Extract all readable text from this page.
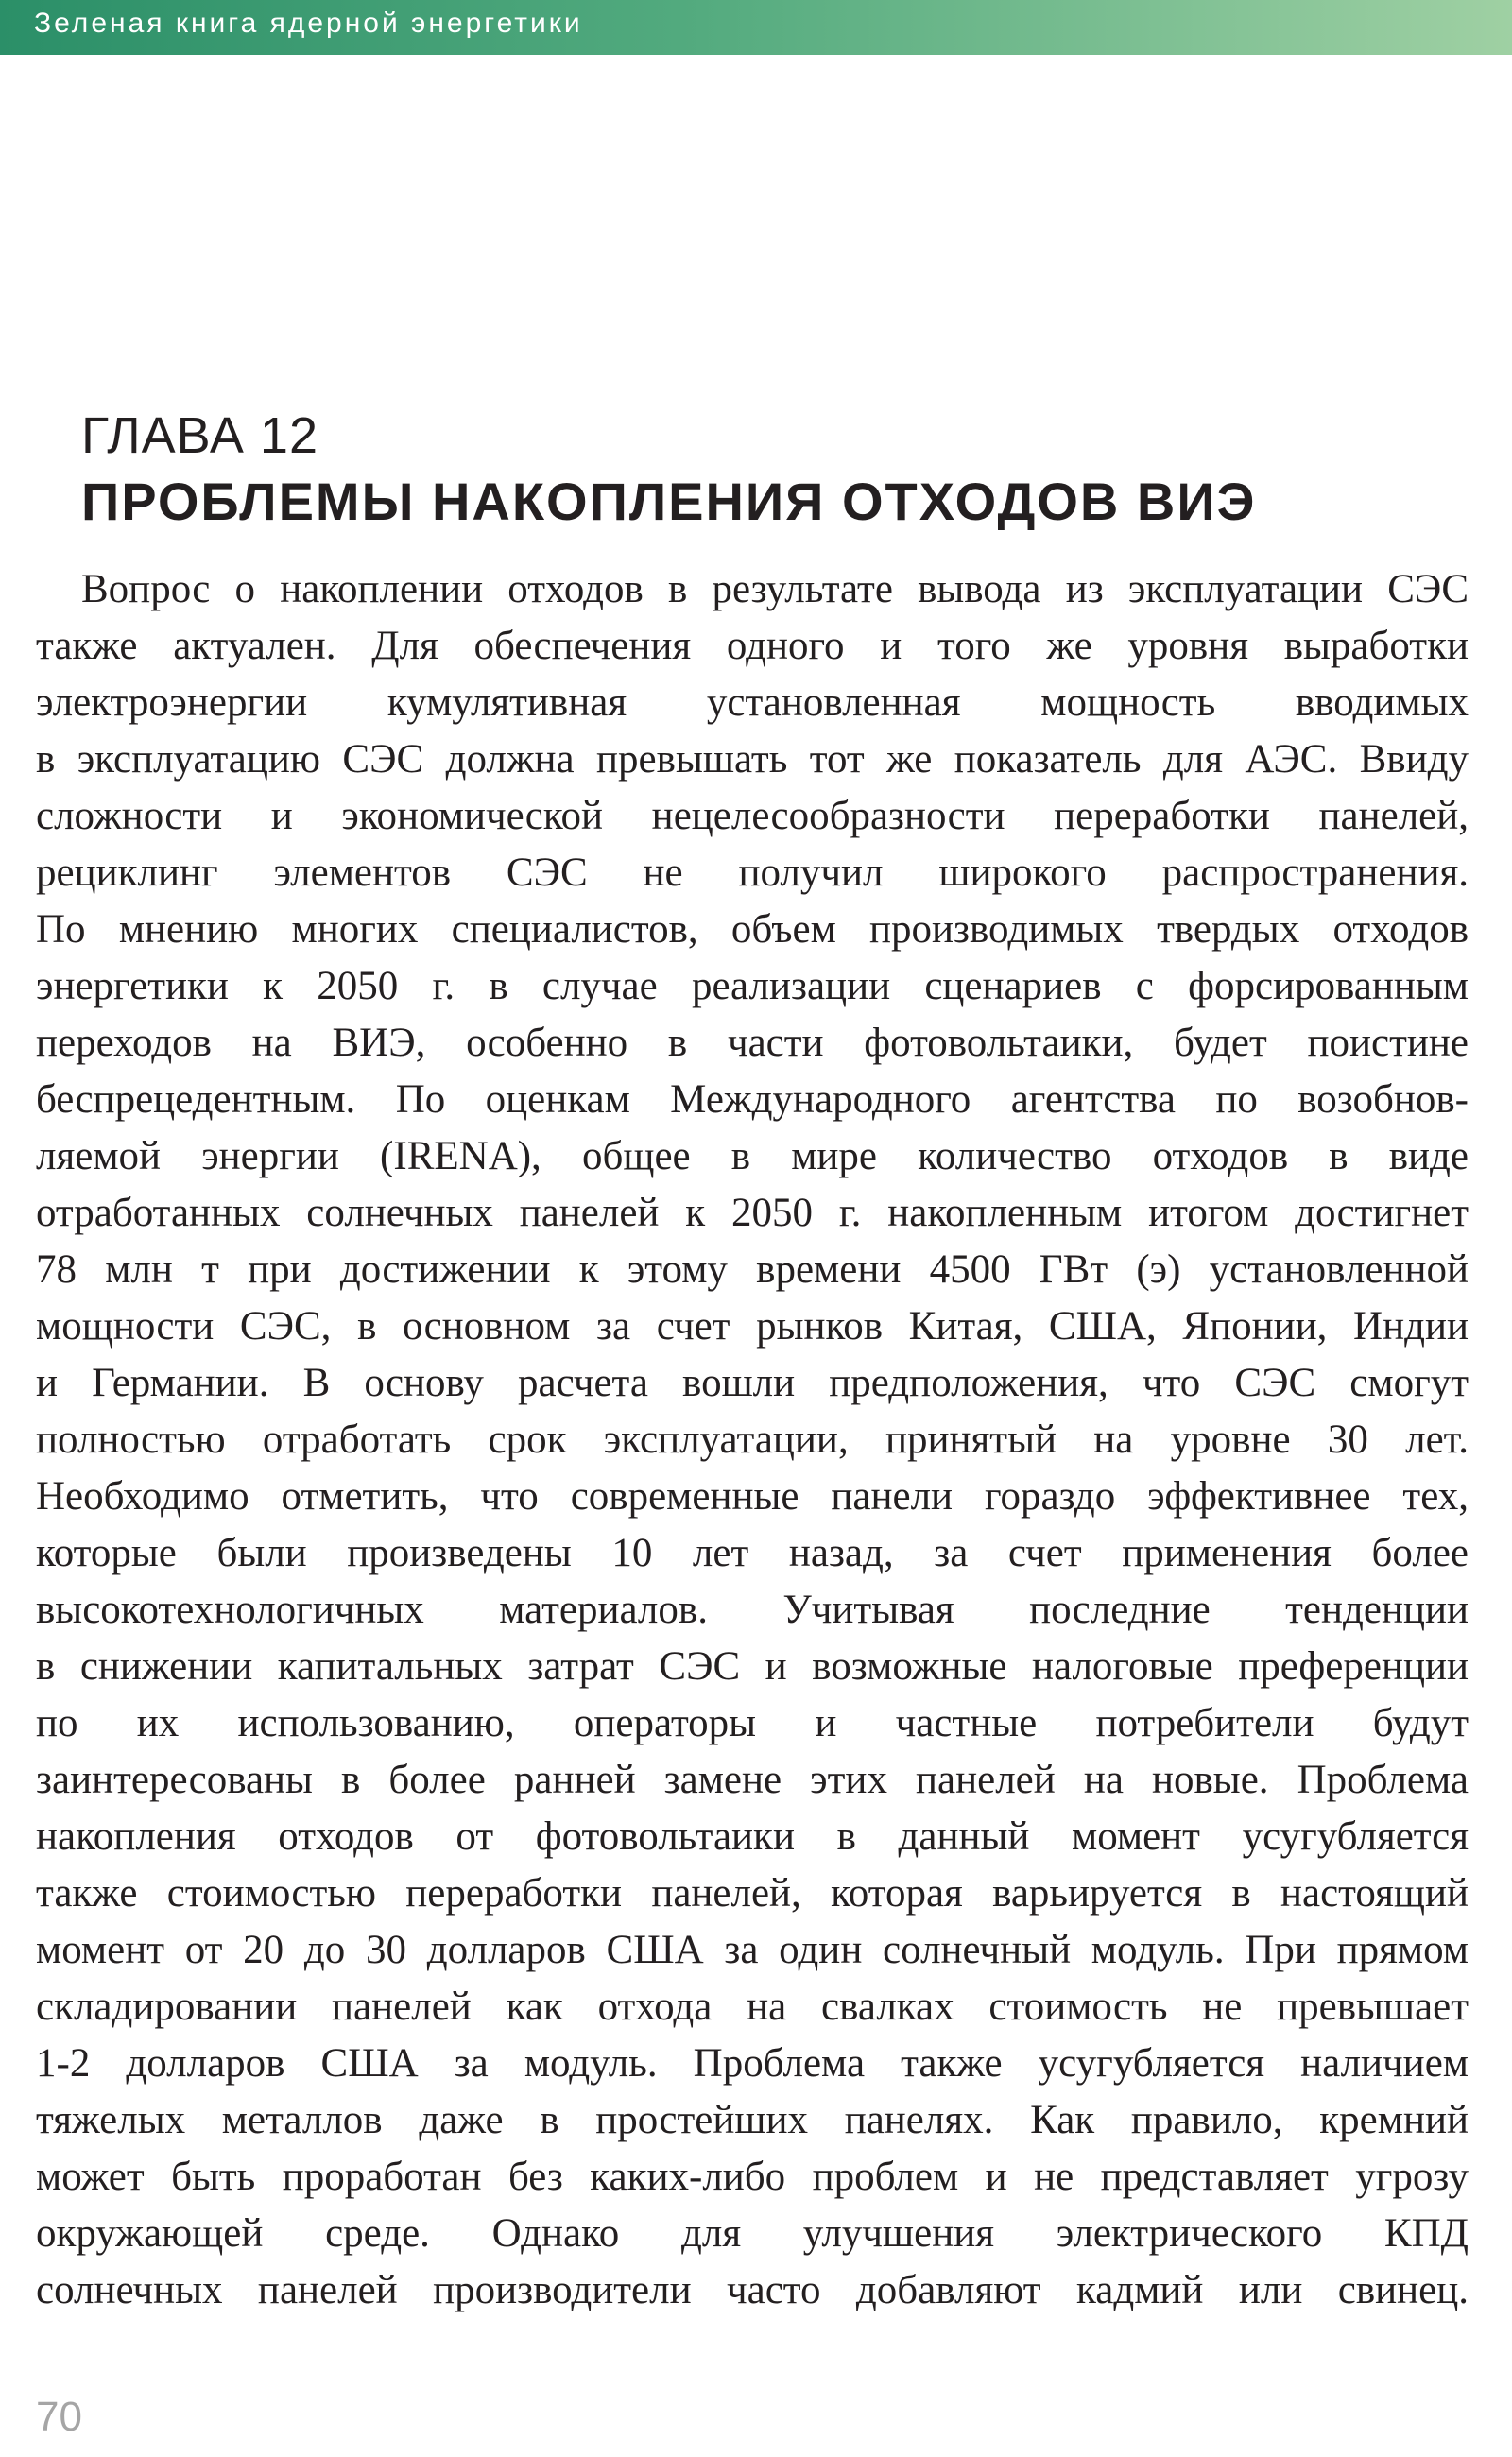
Зеленая книга ядерной энергетики
ГЛАВА 12
ПРОБЛЕМЫ НАКОПЛЕНИЯ ОТХОДОВ ВИЭ
Вопрос о накоплении отходов в результате вывода из эксплуатации СЭС
также актуален. Для обеспечения одного и того же уровня выработки
электроэнергии кумулятивная установленная мощность вводимых
в эксплуатацию СЭС должна превышать тот же показатель для АЭС. Ввиду
сложности и экономической нецелесообразности переработки панелей,
рециклинг элементов СЭС не получил широкого распространения.
По мнению многих специалистов, объем производимых твердых отходов
энергетики к 2050 г. в случае реализации сценариев с форсированным
переходов на ВИЭ, особенно в части фотовольтаики, будет поистине
беспрецедентным. По оценкам Международного агентства по возобнов-
ляемой энергии (IRENA), общее в мире количество отходов в виде
отработанных солнечных панелей к 2050 г. накопленным итогом достигнет
78 млн т при достижении к этому времени 4500 ГВт (э) установленной
мощности СЭС, в основном за счет рынков Китая, США, Японии, Индии
и Германии. В основу расчета вошли предположения, что СЭС смогут
полностью отработать срок эксплуатации, принятый на уровне 30 лет.
Необходимо отметить, что современные панели гораздо эффективнее тех,
которые были произведены 10 лет назад, за счет применения более
высокотехнологичных материалов. Учитывая последние тенденции
в снижении капитальных затрат СЭС и возможные налоговые преференции
по их использованию, операторы и частные потребители будут
заинтересованы в более ранней замене этих панелей на новые. Проблема
накопления отходов от фотовольтаики в данный момент усугубляется
также стоимостью переработки панелей, которая варьируется в настоящий
момент от 20 до 30 долларов США за один солнечный модуль. При прямом
складировании панелей как отхода на свалках стоимость не превышает
1-2 долларов США за модуль. Проблема также усугубляется наличием
тяжелых металлов даже в простейших панелях. Как правило, кремний
может быть проработан без каких-либо проблем и не представляет угрозу
окружающей среде. Однако для улучшения электрического КПД
солнечных панелей производители часто добавляют кадмий или свинец.
70
